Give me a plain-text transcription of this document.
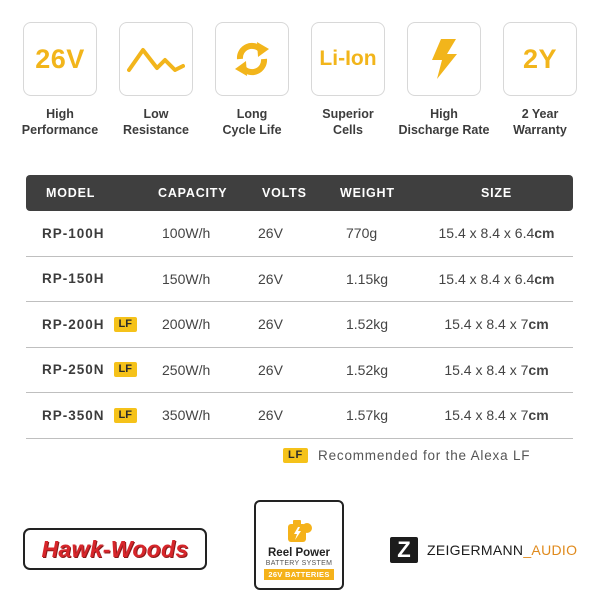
26V
High
Performance
Low
Resistance
Long
Cycle Life
Li-Ion
Superior
Cells
High
Discharge Rate
2Y
2 Year
Warranty
MODEL	CAPACITY	VOLTS	WEIGHT	SIZE
RP-100H	100W/h	26V	770g	15.4 x 8.4 x 6.4cm
RP-150H	150W/h	26V	1.15kg	15.4 x 8.4 x 6.4cm
RP-200H	LF	200W/h	26V	1.52kg	15.4 x 8.4 x 7cm
RP-250N	LF	250W/h	26V	1.52kg	15.4 x 8.4 x 7cm
RP-350N	LF	350W/h	26V	1.57kg	15.4 x 8.4 x 7cm
LF	Recommended for the Alexa LF
Hawk-Woods	Reel Power
BATTERY SYSTEM
26V BATTERIES
Z	ZEIGERMANN_AUDIO
